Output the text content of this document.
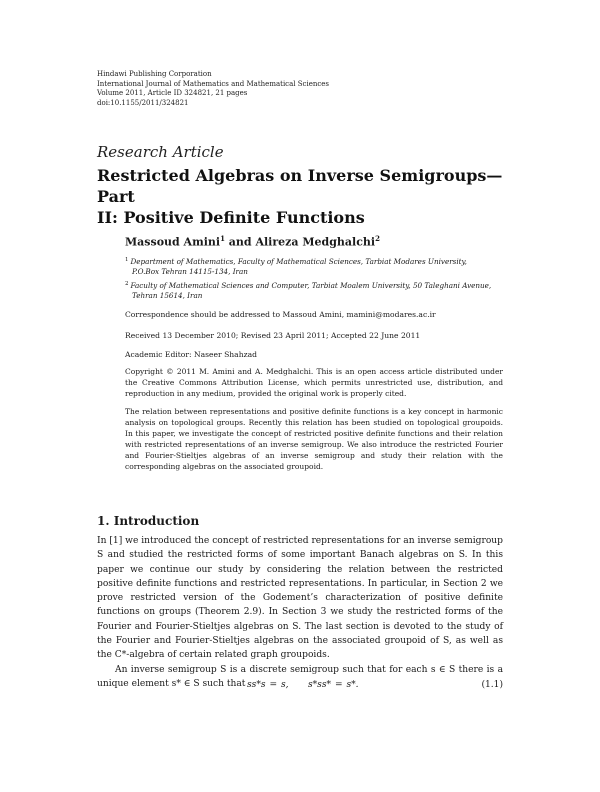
Hindawi Publishing Corporation
International Journal of Mathematics and Mathematical Sciences
Volume 2011, Article ID 324821, 21 pages
doi:10.1155/2011/324821
Research Article
Restricted Algebras on Inverse Semigroups—Part
II: Positive Definite Functions
Massoud Amini$^1$ and Alireza Medghalchi$^2$
$^1$ Department of Mathematics, Faculty of Mathematical Sciences, Tarbiat Modares University,
P.O.Box Tehran 14115-134, Iran
$^2$ Faculty of Mathematical Sciences and Computer, Tarbiat Moalem University, 50 Taleghani Avenue,
Tehran 15614, Iran
Correspondence should be addressed to Massoud Amini, mamini@modares.ac.ir
Received 13 December 2010; Revised 23 April 2011; Accepted 22 June 2011
Academic Editor: Naseer Shahzad
Copyright © 2011 M. Amini and A. Medghalchi. This is an open access article distributed under the Creative Commons Attribution License, which permits unrestricted use, distribution, and reproduction in any medium, provided the original work is properly cited.
The relation between representations and positive definite functions is a key concept in harmonic analysis on topological groups. Recently this relation has been studied on topological groupoids. In this paper, we investigate the concept of restricted positive definite functions and their relation with restricted representations of an inverse semigroup. We also introduce the restricted Fourier and Fourier-Stieltjes algebras of an inverse semigroup and study their relation with the corresponding algebras on the associated groupoid.
1. Introduction

In [1] we introduced the concept of restricted representations for an inverse semigroup S and studied the restricted forms of some important Banach algebras on S. In this paper we continue our study by considering the relation between the restricted positive definite functions and restricted representations. In particular, in Section 2 we prove restricted version of the Godement’s characterization of positive definite functions on groups (Theorem 2.9). In Section 3 we study the restricted forms of the Fourier and Fourier-Stieltjes algebras on S. The last section is devoted to the study of the Fourier and Fourier-Stieltjes algebras on the associated groupoid of S, as well as the C*-algebra of certain related graph groupoids.

An inverse semigroup S is a discrete semigroup such that for each s ∈ S there is a unique element s* ∈ S such that ss*s = s,     s*ss* = s*.	(1.1)
